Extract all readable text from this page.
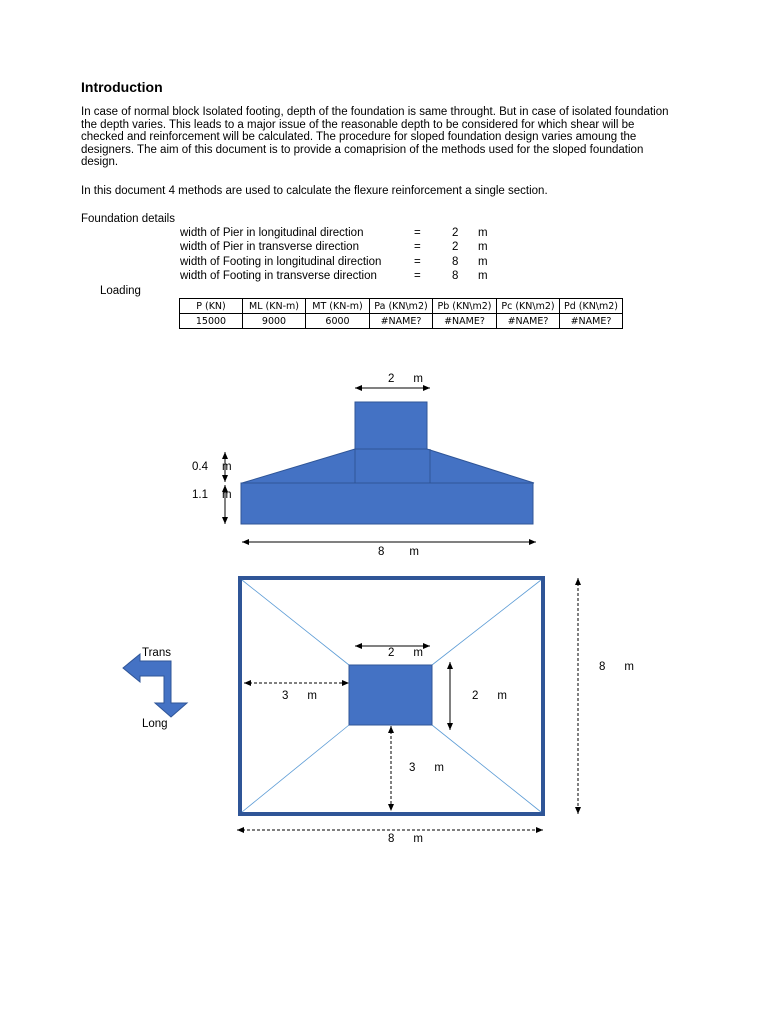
Introduction

In case of normal block Isolated footing, depth of the foundation is same throught. But in case of isolated foundation the depth varies. This leads to a major issue of the reasonable depth to be considered for which shear will be checked and reinforcement will be calculated. The procedure for sloped foundation design varies amoung the designers. The aim of this document is to provide a comaprision of the methods used for the sloped foundation design.

In this document 4 methods are used to calculate the flexure reinforcement a single section.

Foundation details
width of Pier in longitudinal direction	=	2 m
width of Pier in transverse direction	=	2 m
width of Footing in longitudinal direction	=	8 m
width of Footing in transverse direction	=	8 m
Loading
P (KN)	ML (KN-m)	MT (KN-m)	Pa (KN\m2)	Pb (KN\m2)	Pc (KN\m2)	Pd (KN\m2)
15000	9000	6000	#NAME?	#NAME?	#NAME?	#NAME?
2 m
0.4 m
1.1 m
8 m
2 m
2 m
3 m
3 m
8 m
8 m
Trans
Long
